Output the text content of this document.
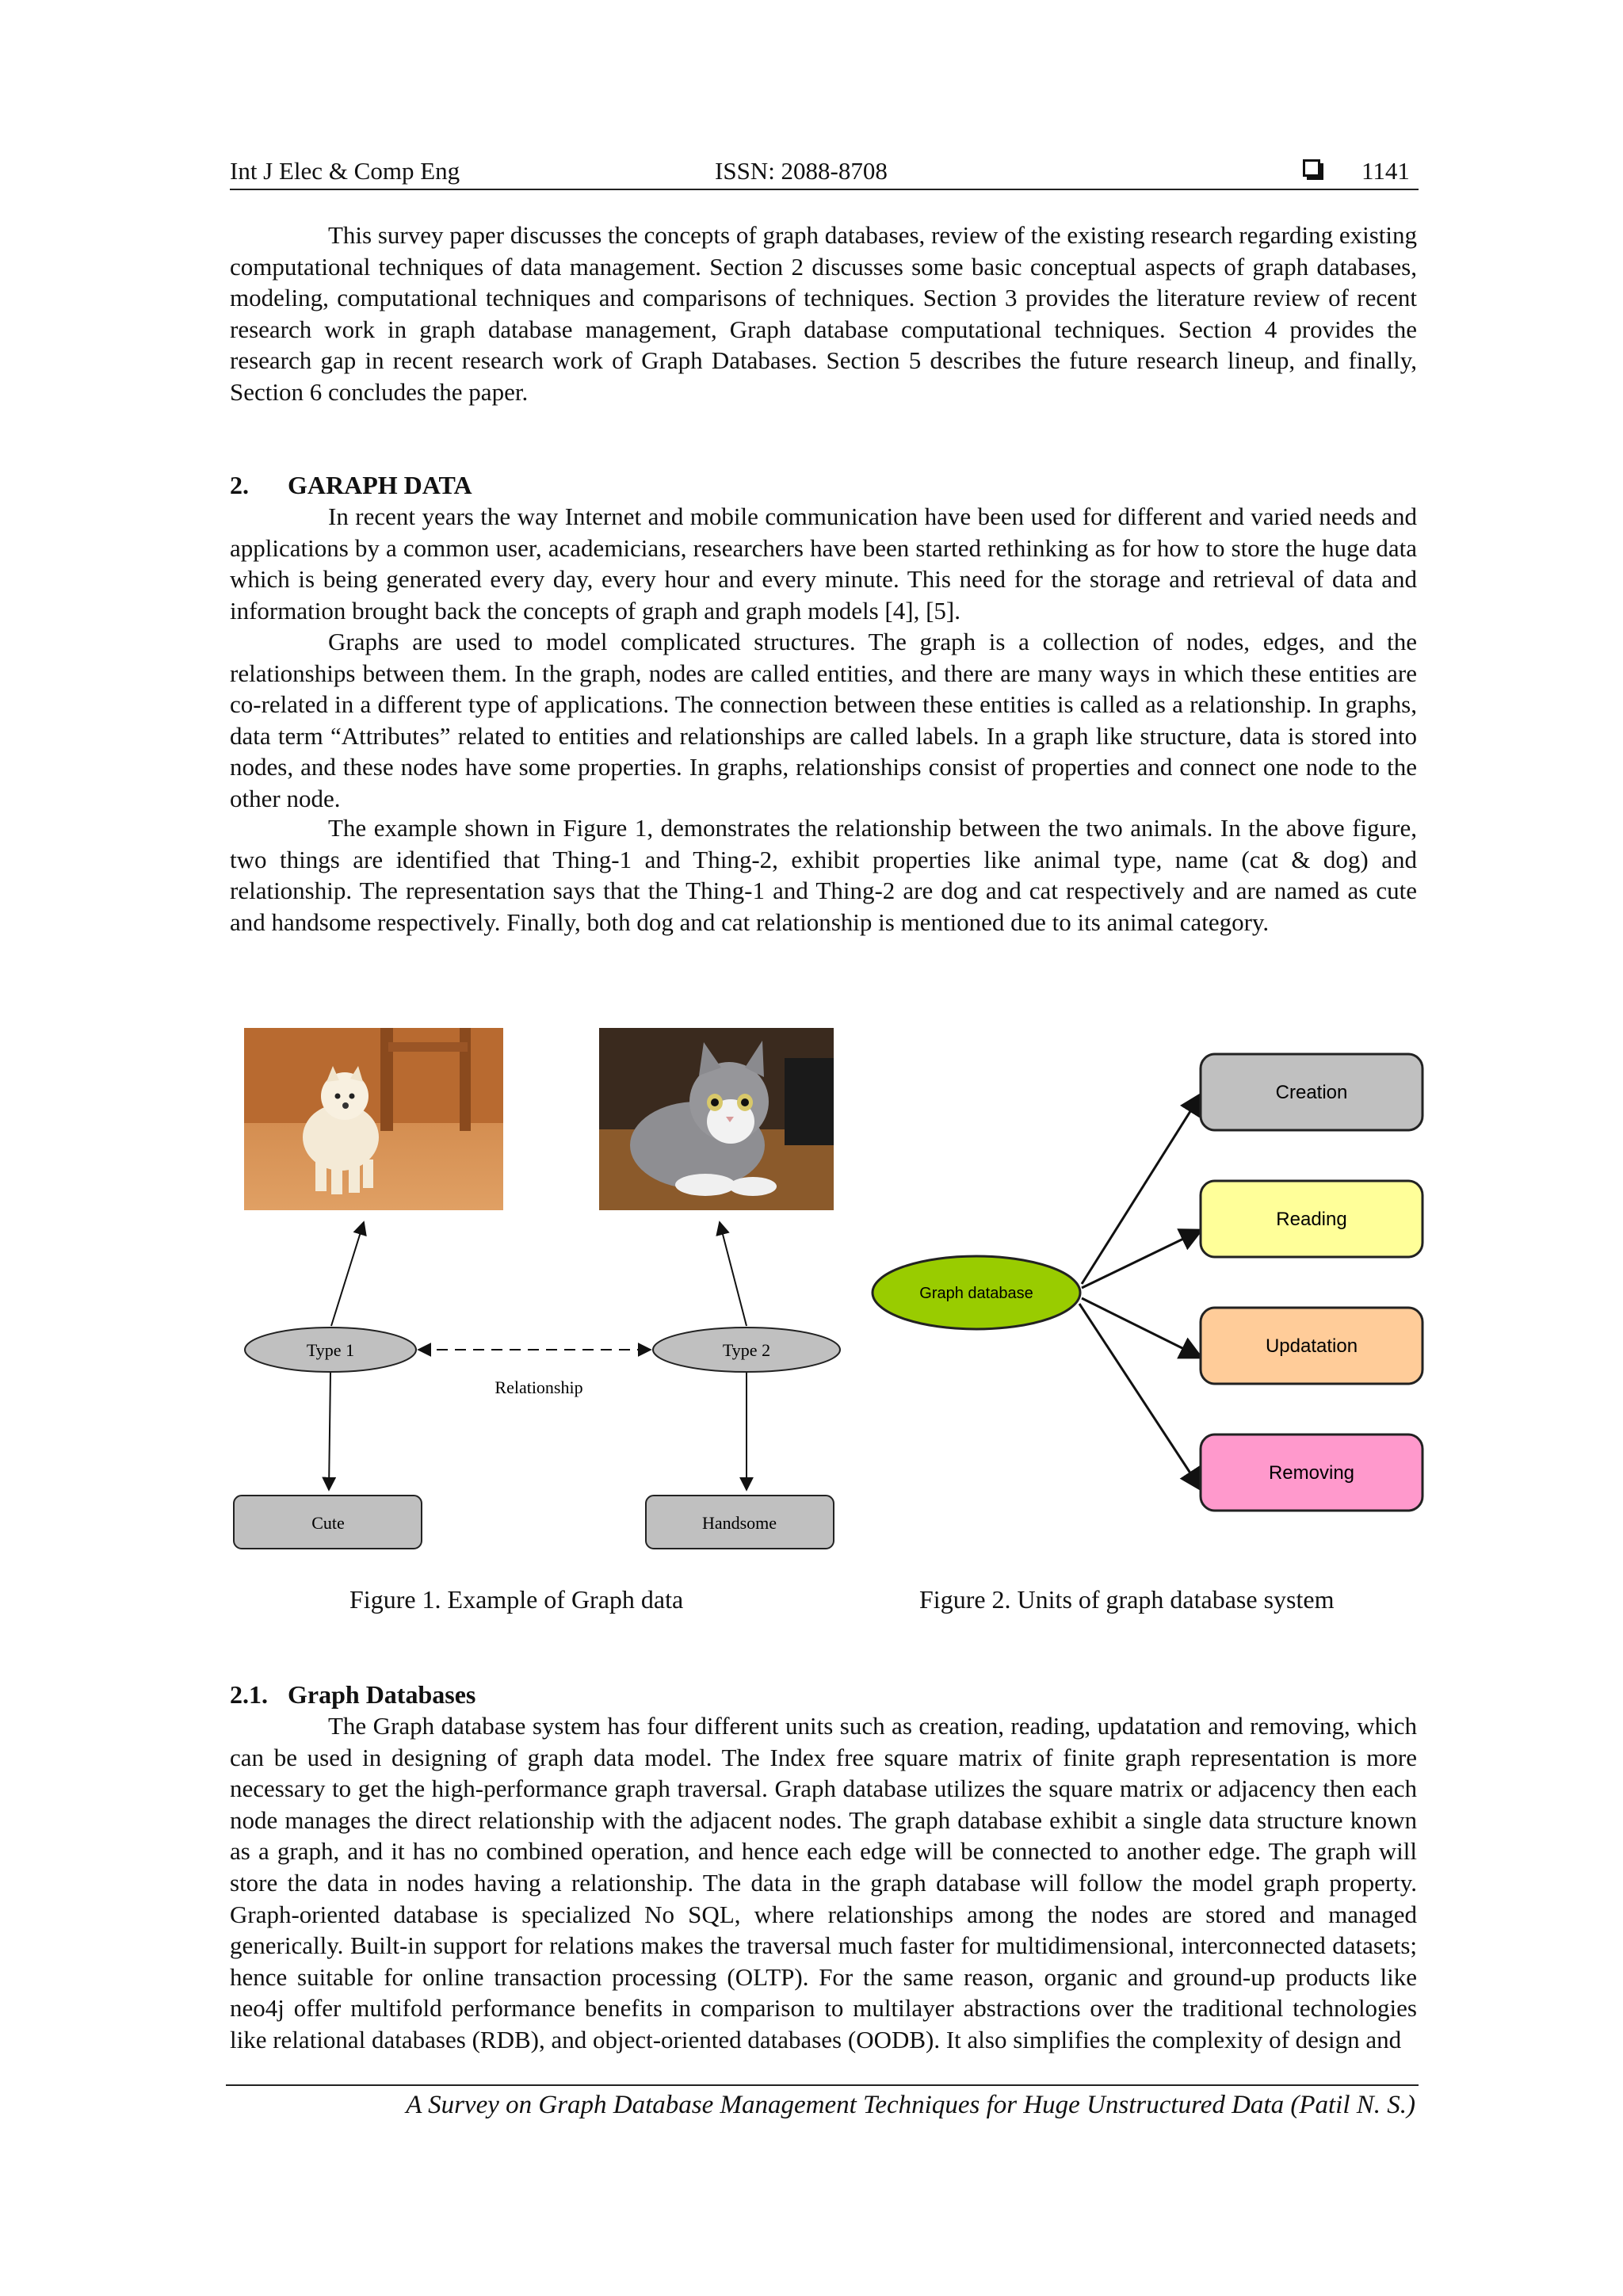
Int J Elec & Comp Eng	ISSN: 2088-8708	1141

This survey paper discusses the concepts of graph databases, review of the existing research regarding existing computational techniques of data management. Section 2 discusses some basic conceptual aspects of graph databases, modeling, computational techniques and comparisons of techniques. Section 3 provides the literature review of recent research work in graph database management, Graph database computational techniques. Section 4 provides the research gap in recent research work of Graph Databases. Section 5 describes the future research lineup, and finally, Section 6 concludes the paper.

2. GARAPH DATA

In recent years the way Internet and mobile communication have been used for different and varied needs and applications by a common user, academicians, researchers have been started rethinking as for how to store the huge data which is being generated every day, every hour and every minute. This need for the storage and retrieval of data and information brought back the concepts of graph and graph models [4], [5].

Graphs are used to model complicated structures. The graph is a collection of nodes, edges, and the relationships between them. In the graph, nodes are called entities, and there are many ways in which these entities are co-related in a different type of applications. The connection between these entities is called as a relationship. In graphs, data term “Attributes” related to entities and relationships are called labels. In a graph like structure, data is stored into nodes, and these nodes have some properties. In graphs, relationships consist of properties and connect one node to the other node.

The example shown in Figure 1, demonstrates the relationship between the two animals. In the above figure, two things are identified that Thing-1 and Thing-2, exhibit properties like animal type, name (cat & dog) and relationship. The representation says that the Thing-1 and Thing-2 are dog and cat respectively and are named as cute and handsome respectively. Finally, both dog and cat relationship is mentioned due to its animal category.

Type 1	Type 2
Relationship
Cute	Handsome
Figure 1. Example of Graph data
Graph database
Creation
Reading
Updatation
Removing
Figure 2. Units of graph database system
2.1. Graph Databases

The Graph database system has four different units such as creation, reading, updatation and removing, which can be used in designing of graph data model. The Index free square matrix of finite graph representation is more necessary to get the high-performance graph traversal. Graph database utilizes the square matrix or adjacency then each node manages the direct relationship with the adjacent nodes. The graph database exhibit a single data structure known as a graph, and it has no combined operation, and hence each edge will be connected to another edge. The graph will store the data in nodes having a relationship. The data in the graph database will follow the model graph property. Graph-oriented database is specialized No SQL, where relationships among the nodes are stored and managed generically. Built-in support for relations makes the traversal much faster for multidimensional, interconnected datasets; hence suitable for online transaction processing (OLTP). For the same reason, organic and ground-up products like neo4j offer multifold performance benefits in comparison to multilayer abstractions over the traditional technologies like relational databases (RDB), and object-oriented databases (OODB). It also simplifies the complexity of design and

A Survey on Graph Database Management Techniques for Huge Unstructured Data (Patil N. S.)
